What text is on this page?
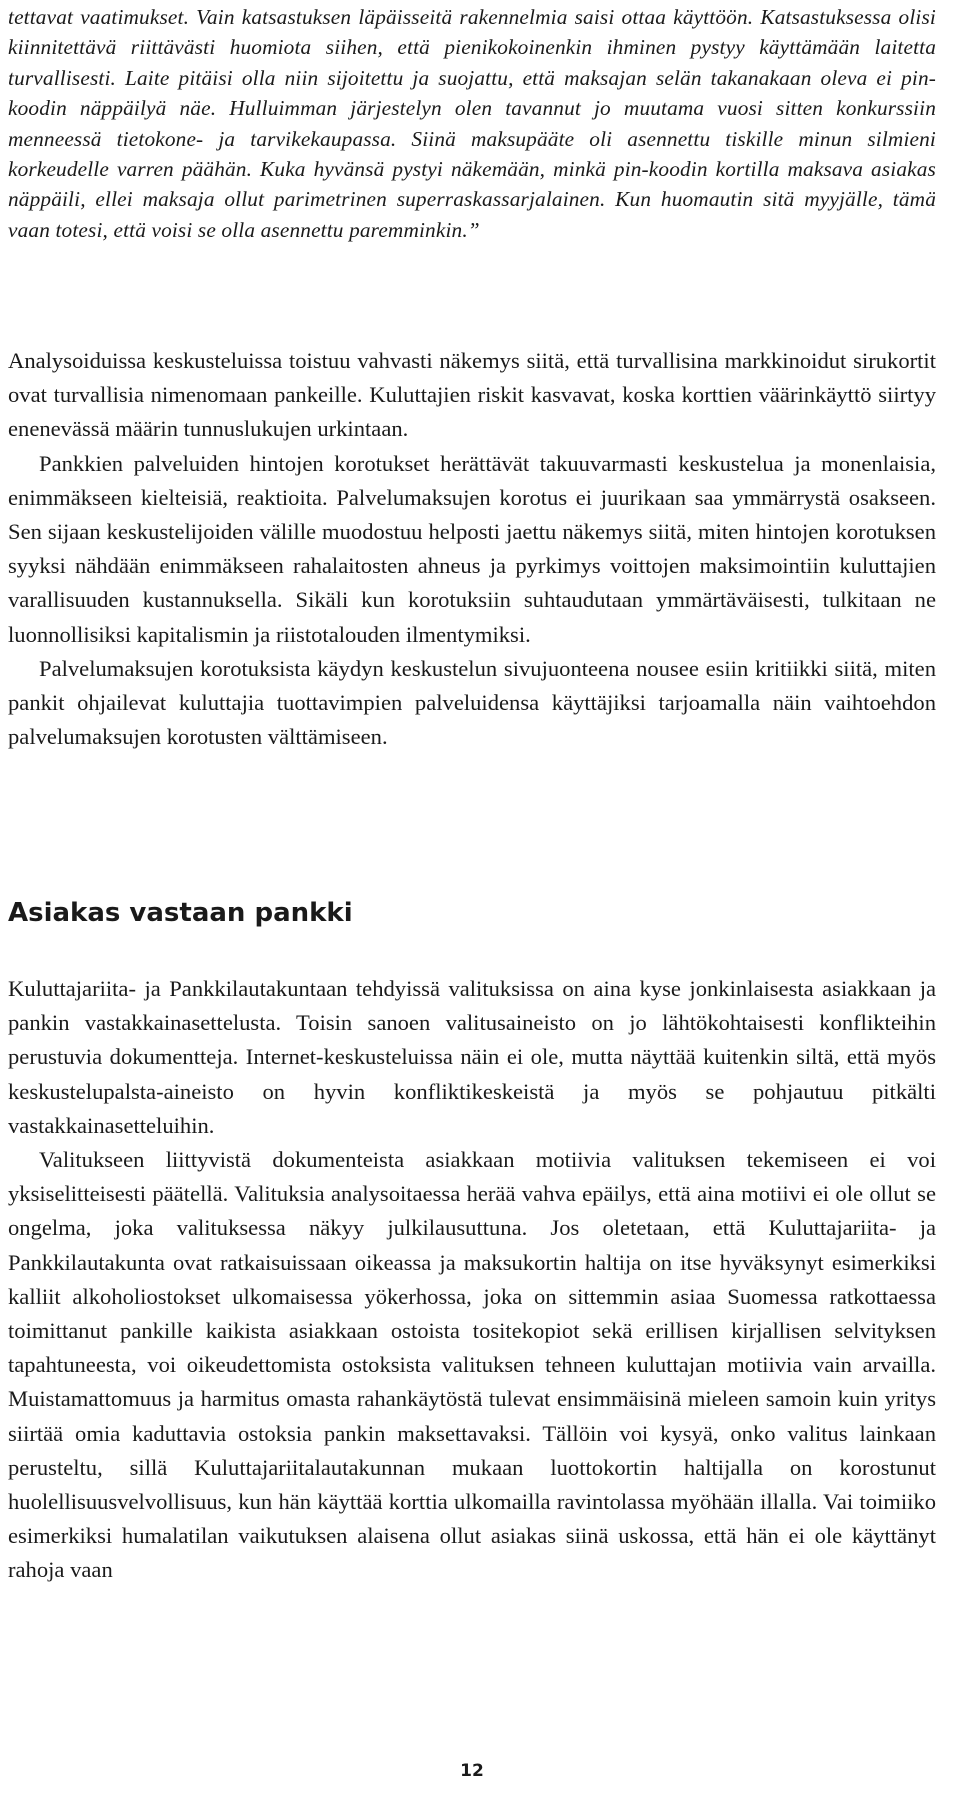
tettavat vaatimukset. Vain katsastuksen läpäisseitä rakennelmia saisi ottaa käyttöön. Katsastuksessa olisi kiinnitettävä riittävästi huomiota siihen, että pienikokoinenkin ihminen pystyy käyttämään laitetta turvallisesti. Laite pitäisi olla niin sijoitettu ja suojattu, että maksajan selän takanakaan oleva ei pin-koodin näppäilyä näe. Hulluimman järjestelyn olen tavannut jo muutama vuosi sitten konkurssiin menneessä tietokone- ja tarvikekaupassa. Siinä maksupääte oli asennettu tiskille minun silmieni korkeudelle varren päähän. Kuka hyvänsä pystyi näkemään, minkä pin-koodin kortilla maksava asiakas näppäili, ellei maksaja ollut parimetrinen superraskassarjalainen. Kun huomautin sitä myyjälle, tämä vaan totesi, että voisi se olla asennettu paremminkin.”

Analysoiduissa keskusteluissa toistuu vahvasti näkemys siitä, että turvallisina markkinoidut sirukortit ovat turvallisia nimenomaan pankeille. Kuluttajien riskit kasvavat, koska korttien väärinkäyttö siirtyy enenevässä määrin tunnuslukujen urkintaan.

Pankkien palveluiden hintojen korotukset herättävät takuuvarmasti keskustelua ja monenlaisia, enimmäkseen kielteisiä, reaktioita. Palvelumaksujen korotus ei juurikaan saa ymmärrystä osakseen. Sen sijaan keskustelijoiden välille muodostuu helposti jaettu näkemys siitä, miten hintojen korotuksen syyksi nähdään enimmäkseen rahalaitosten ahneus ja pyrkimys voittojen maksimointiin kuluttajien varallisuuden kustannuksella. Sikäli kun korotuksiin suhtaudutaan ymmärtäväisesti, tulkitaan ne luonnollisiksi kapitalismin ja riistotalouden ilmentymiksi.

Palvelumaksujen korotuksista käydyn keskustelun sivujuonteena nousee esiin kritiikki siitä, miten pankit ohjailevat kuluttajia tuottavimpien palveluidensa käyttäjiksi tarjoamalla näin vaihtoehdon palvelumaksujen korotusten välttämiseen.

Asiakas vastaan pankki

Kuluttajariita- ja Pankkilautakuntaan tehdyissä valituksissa on aina kyse jonkinlaisesta asiakkaan ja pankin vastakkainasettelusta. Toisin sanoen valitusaineisto on jo lähtökohtaisesti konflikteihin perustuvia dokumentteja. Internet-keskusteluissa näin ei ole, mutta näyttää kuitenkin siltä, että myös keskustelupalsta-aineisto on hyvin konfliktikeskeistä ja myös se pohjautuu pitkälti vastakkainasetteluihin.

Valitukseen liittyvistä dokumenteista asiakkaan motiivia valituksen tekemiseen ei voi yksiselitteisesti päätellä. Valituksia analysoitaessa herää vahva epäilys, että aina motiivi ei ole ollut se ongelma, joka valituksessa näkyy julkilausuttuna. Jos oletetaan, että Kuluttajariita- ja Pankkilautakunta ovat ratkaisuissaan oikeassa ja maksukortin haltija on itse hyväksynyt esimerkiksi kalliit alkoholiostokset ulkomaisessa yökerhossa, joka on sittemmin asiaa Suomessa ratkottaessa toimittanut pankille kaikista asiakkaan ostoista tositekopiot sekä erillisen kirjallisen selvityksen tapahtuneesta, voi oikeudettomista ostoksista valituksen tehneen kuluttajan motiivia vain arvailla. Muistamattomuus ja harmitus omasta rahankäytöstä tulevat ensimmäisinä mieleen samoin kuin yritys siirtää omia kaduttavia ostoksia pankin maksettavaksi. Tällöin voi kysyä, onko valitus lainkaan perusteltu, sillä Kuluttajariitalautakunnan mukaan luottokortin haltijalla on korostunut huolellisuusvelvollisuus, kun hän käyttää korttia ulkomailla ravintolassa myöhään illalla. Vai toimiiko esimerkiksi humalatilan vaikutuksen alaisena ollut asiakas siinä uskossa, että hän ei ole käyttänyt rahoja vaan

12
